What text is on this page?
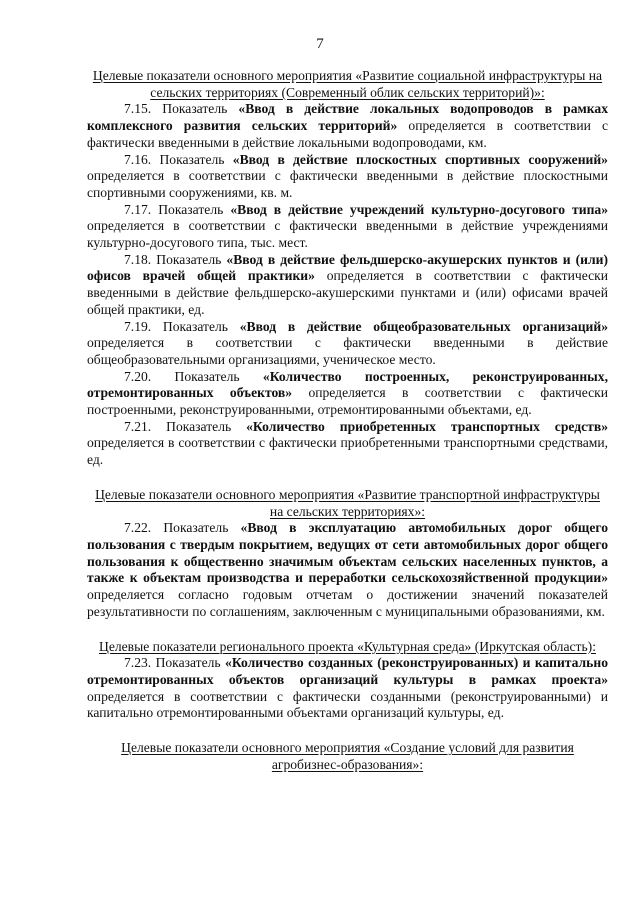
7

Целевые показатели основного мероприятия «Развитие социальной инфраструктуры на сельских территориях (Современный облик сельских территорий)»:

7.15. Показатель «Ввод в действие локальных водопроводов в рамках комплексного развития сельских территорий» определяется в соответствии с фактически введенными в действие локальными водопроводами, км.

7.16. Показатель «Ввод в действие плоскостных спортивных сооружений» определяется в соответствии с фактически введенными в действие плоскостными спортивными сооружениями, кв. м.

7.17. Показатель «Ввод в действие учреждений культурно-досугового типа» определяется в соответствии с фактически введенными в действие учреждениями культурно-досугового типа, тыс. мест.

7.18. Показатель «Ввод в действие фельдшерско-акушерских пунктов и (или) офисов врачей общей практики» определяется в соответствии с фактически введенными в действие фельдшерско-акушерскими пунктами и (или) офисами врачей общей практики, ед.

7.19. Показатель «Ввод в действие общеобразовательных организаций» определяется в соответствии с фактически введенными в действие общеобразовательными организациями, ученическое место.

7.20. Показатель «Количество построенных, реконструированных, отремонтированных объектов» определяется в соответствии с фактически построенными, реконструированными, отремонтированными объектами, ед.

7.21. Показатель «Количество приобретенных транспортных средств» определяется в соответствии с фактически приобретенными транспортными средствами, ед.

Целевые показатели основного мероприятия «Развитие транспортной инфраструктуры на сельских территориях»:

7.22. Показатель «Ввод в эксплуатацию автомобильных дорог общего пользования с твердым покрытием, ведущих от сети автомобильных дорог общего пользования к общественно значимым объектам сельских населенных пунктов, а также к объектам производства и переработки сельскохозяйственной продукции» определяется согласно годовым отчетам о достижении значений показателей результативности по соглашениям, заключенным с муниципальными образованиями, км.

Целевые показатели регионального проекта «Культурная среда» (Иркутская область):

7.23. Показатель «Количество созданных (реконструированных) и капитально отремонтированных объектов организаций культуры в рамках проекта» определяется в соответствии с фактически созданными (реконструированными) и капитально отремонтированными объектами организаций культуры, ед.

Целевые показатели основного мероприятия «Создание условий для развития агробизнес-образования»:
